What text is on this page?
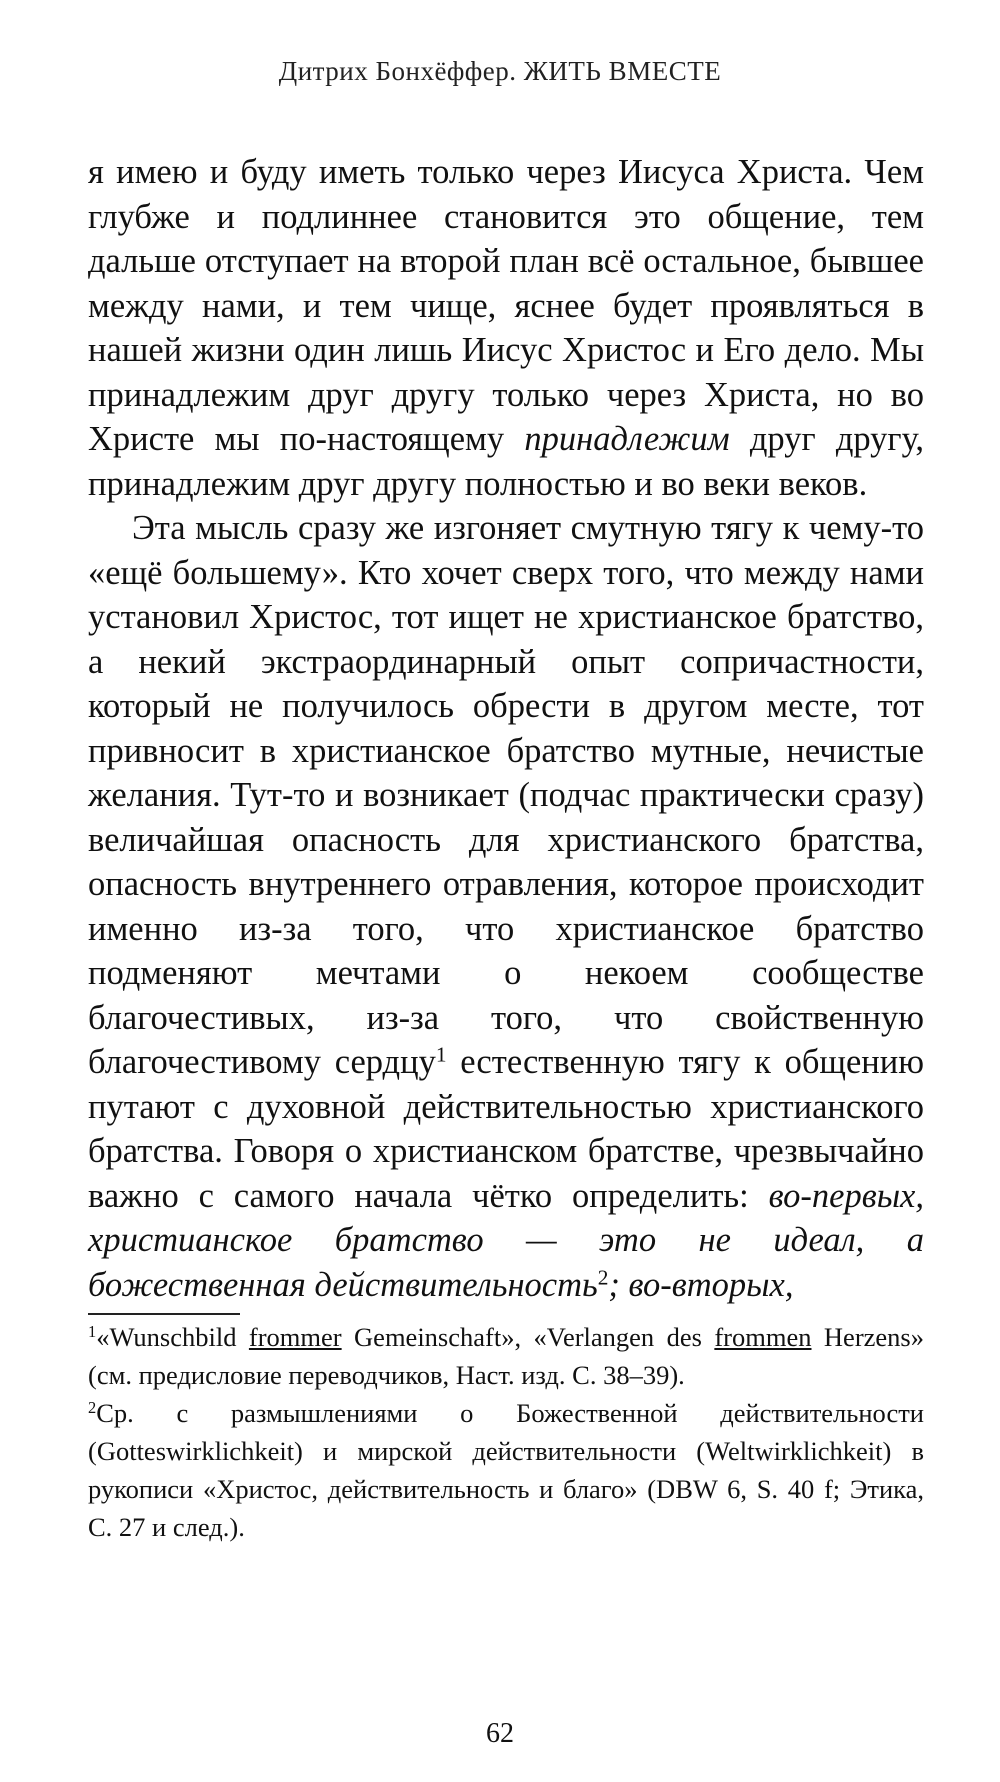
Дитрих Бонхёффер. ЖИТЬ ВМЕСТЕ

я имею и буду иметь только через Иисуса Христа. Чем глубже и подлиннее становится это общение, тем дальше отступает на второй план всё остальное, бывшее между нами, и тем чище, яснее будет проявляться в нашей жизни один лишь Иисус Христос и Его дело. Мы принадлежим друг другу только через Христа, но во Христе мы по-настоящему принадлежим друг другу, принадлежим друг другу полностью и во веки веков.

Эта мысль сразу же изгоняет смутную тягу к чему-то «ещё большему». Кто хочет сверх того, что между нами установил Христос, тот ищет не христианское братство, а некий экстраординарный опыт сопричастности, который не получилось обрести в другом месте, тот привносит в христианское братство мутные, нечистые желания. Тут-то и возникает (подчас практически сразу) величайшая опасность для христианского братства, опасность внутреннего отравления, которое происходит именно из-за того, что христианское братство подменяют мечтами о некоем сообществе благочестивых, из-за того, что свойственную благочестивому сердцу$^1$ естественную тягу к общению путают с духовной действительностью христианского братства. Говоря о христианском братстве, чрезвычайно важно с самого начала чётко определить: во-первых, христианское братство — это не идеал, а божественная действительность$^2$; во-вторых,

$^1$«Wunschbild frommer Gemeinschaft», «Verlangen des frommen Herzens» (см. предисловие переводчиков, Наст. изд. С. 38–39).

$^2$Ср. с размышлениями о Божественной действительности (Gotteswirklichkeit) и мирской действительности (Weltwirklichkeit) в рукописи «Христос, действительность и благо» (DBW 6, S. 40 f; Этика, С. 27 и след.).

62
